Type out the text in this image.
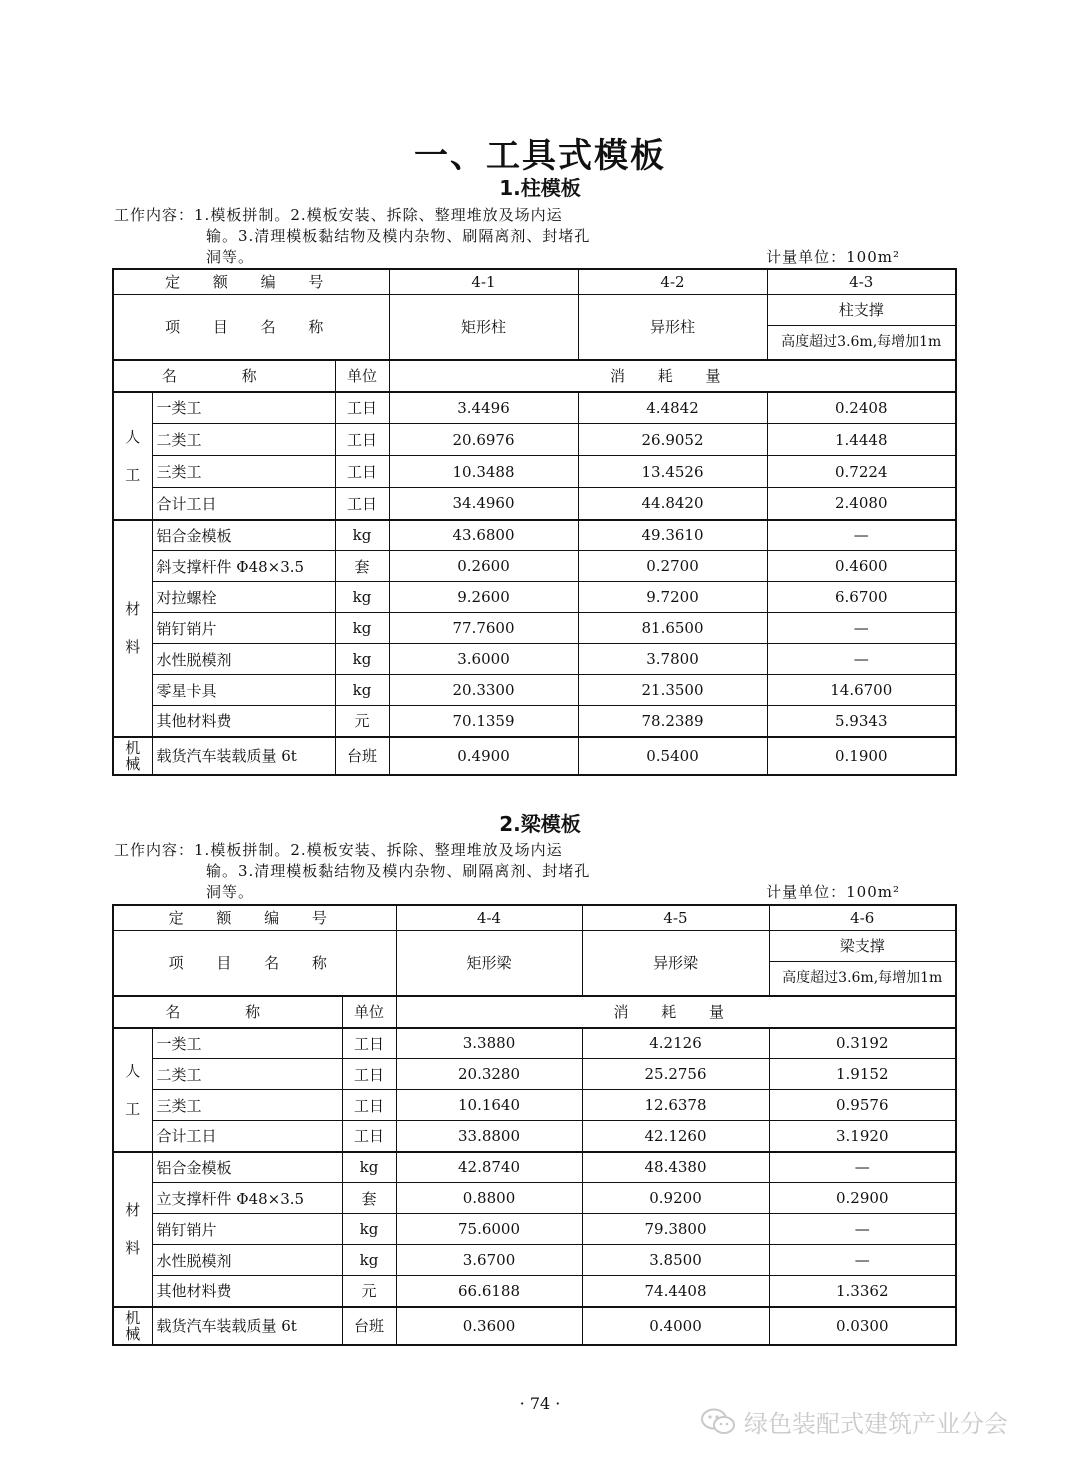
一、工具式模板
1.柱模板
工作内容：1.模板拼制。2.模板安装、拆除、整理堆放及场内运
输。3.清理模板黏结物及模内杂物、刷隔离剂、封堵孔
洞等。	计量单位：100m²
定 额 编 号			4-1	4-2	4-3
项 目 名 称			矩形柱	异形柱	柱支撑
高度超过3.6m,每增加1m

名 称		单位	消 耗 量		

人
工	一类工	工日	3.4496	4.4842	0.2408
	二类工	工日	20.6976	26.9052	1.4448
	三类工	工日	10.3488	13.4526	0.7224
	合计工日	工日	34.4960	44.8420	2.4080

材
料	铝合金模板	kg	43.6800	49.3610	—
	斜支撑杆件 Φ48×3.5	套	0.2600	0.2700	0.4600
	对拉螺栓	kg	9.2600	9.7200	6.6700
	销钉销片	kg	77.7600	81.6500	—
	水性脱模剂	kg	3.6000	3.7800	—
	零星卡具	kg	20.3300	21.3500	14.6700
	其他材料费	元	70.1359	78.2389	5.9343

机
械	载货汽车装载质量 6t	台班	0.4900	0.5400	0.1900
2.梁模板
工作内容：1.模板拼制。2.模板安装、拆除、整理堆放及场内运
输。3.清理模板黏结物及模内杂物、刷隔离剂、封堵孔
洞等。	计量单位：100m²
定 额 编 号			4-4	4-5	4-6
项 目 名 称			矩形梁	异形梁	梁支撑
高度超过3.6m,每增加1m

名 称		单位	消 耗 量		

人
工	一类工	工日	3.3880	4.2126	0.3192
	二类工	工日	20.3280	25.2756	1.9152
	三类工	工日	10.1640	12.6378	0.9576
	合计工日	工日	33.8800	42.1260	3.1920

材
料	铝合金模板	kg	42.8740	48.4380	—
	立支撑杆件 Φ48×3.5	套	0.8800	0.9200	0.2900
	销钉销片	kg	75.6000	79.3800	—
	水性脱模剂	kg	3.6700	3.8500	—
	其他材料费	元	66.6188	74.4408	1.3362

机
械	载货汽车装载质量 6t	台班	0.3600	0.4000	0.0300
· 74 ·
绿色装配式建筑产业分会
